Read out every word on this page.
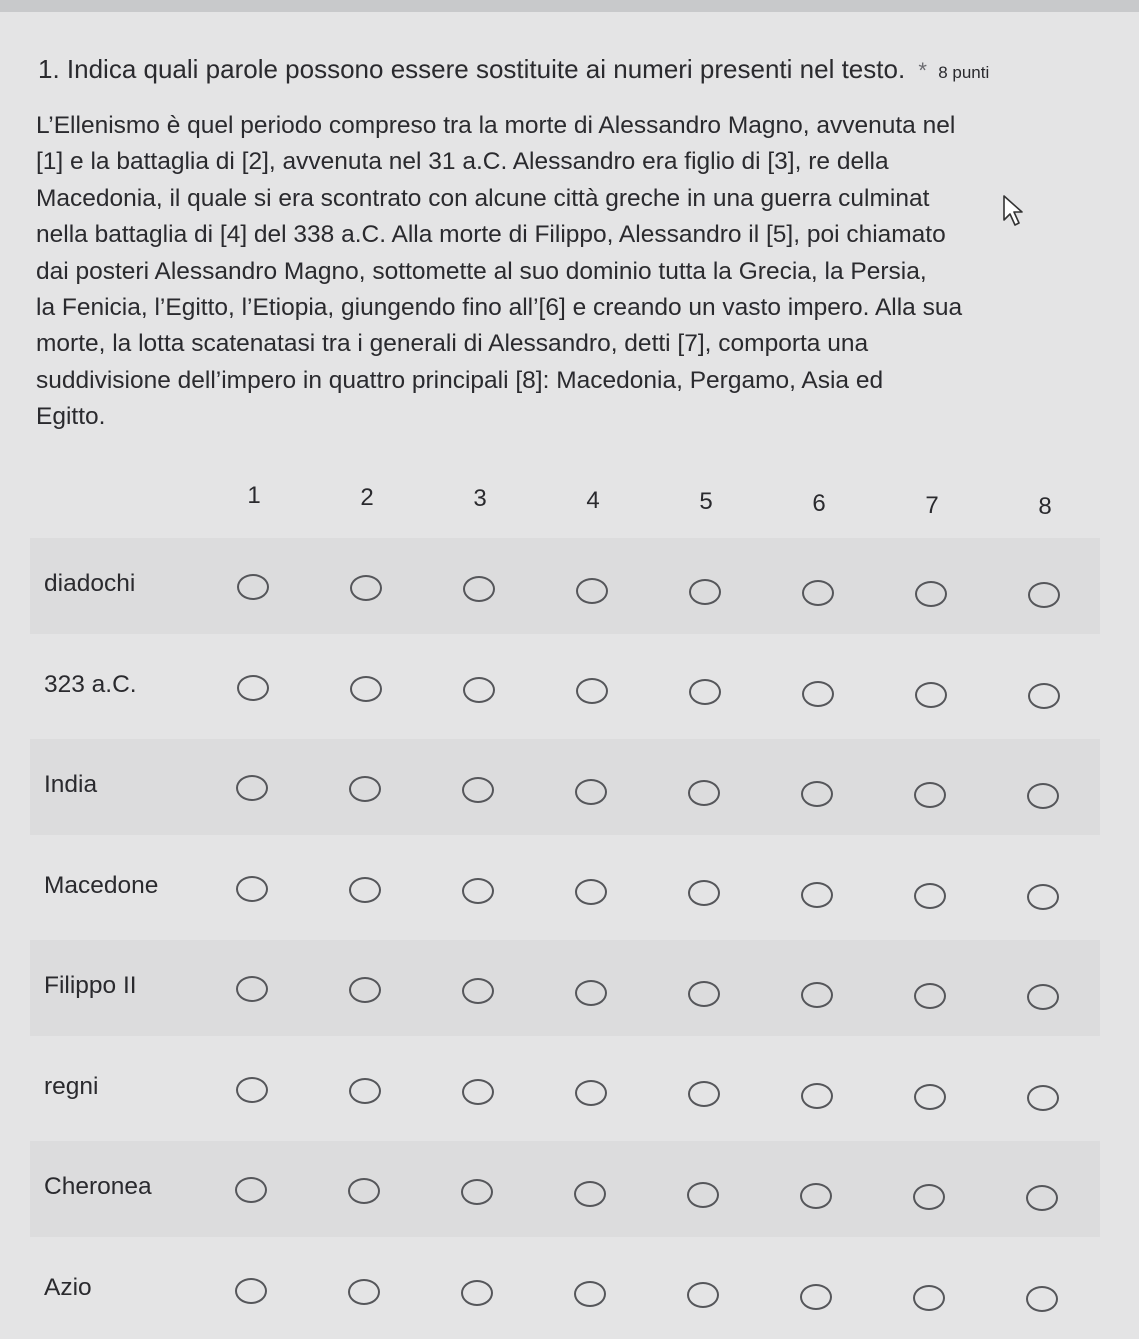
1. Indica quali parole possono essere sostituite ai numeri presenti nel testo. * 8 punti
L’Ellenismo è quel periodo compreso tra la morte di Alessandro Magno, avvenuta nel
[1] e la battaglia di [2], avvenuta nel 31 a.C. Alessandro era figlio di [3], re della
Macedonia, il quale si era scontrato con alcune città greche in una guerra culminat
nella battaglia di [4] del 338 a.C. Alla morte di Filippo, Alessandro il [5], poi chiamato
dai posteri Alessandro Magno, sottomette al suo dominio tutta la Grecia, la Persia,
la Fenicia, l’Egitto, l’Etiopia, giungendo fino all’[6] e creando un vasto impero. Alla sua
morte, la lotta scatenatasi tra i generali di Alessandro, detti [7], comporta una
suddivisione dell’impero in quattro principali [8]: Macedonia, Pergamo, Asia ed
Egitto.
1	2	3	4	5	6	7	8
diadochi
323 a.C.
India
Macedone
Filippo II
regni
Cheronea
Azio
